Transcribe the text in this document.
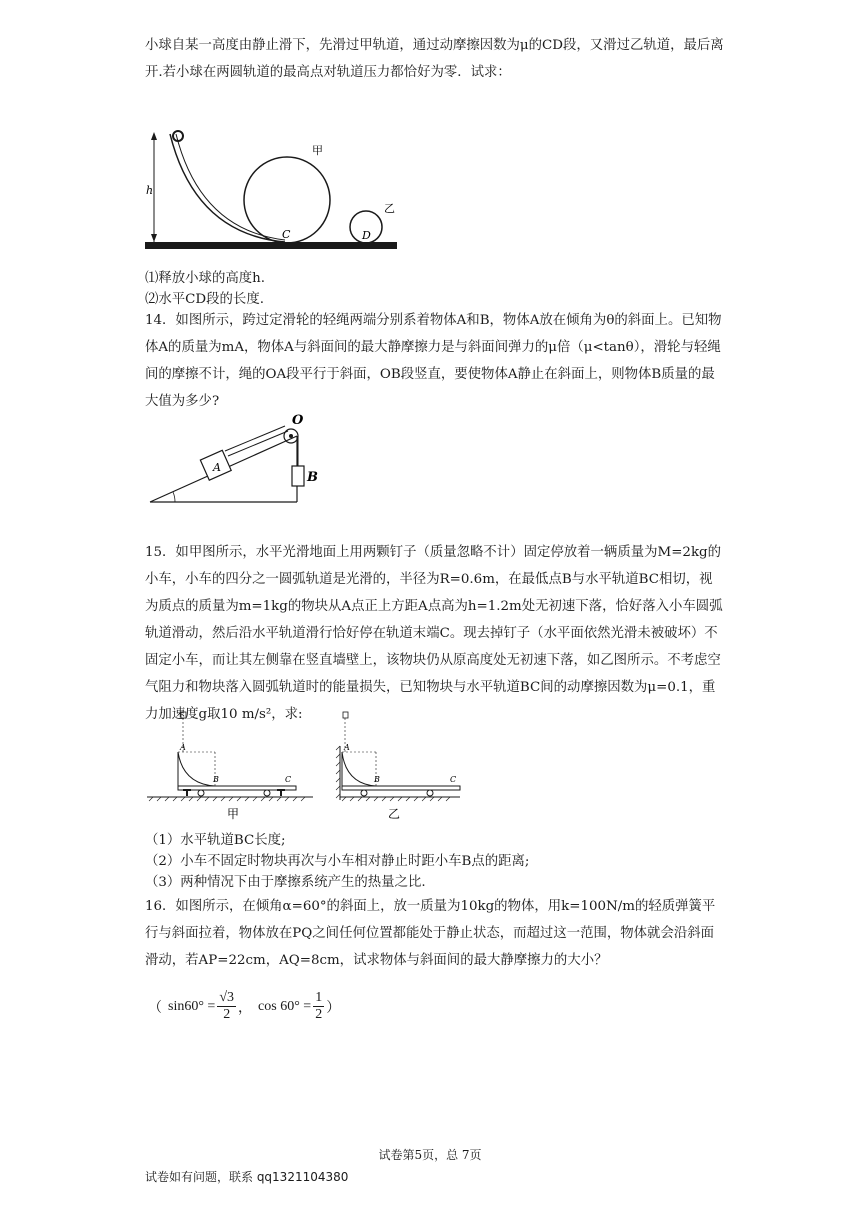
小球自某一高度由静止滑下，先滑过甲轨道，通过动摩擦因数为μ的CD段，又滑过乙轨道，最后离开.若小球在两圆轨道的最高点对轨道压力都恰好为零．试求：

h
甲
C
乙
D
⑴释放小球的高度h.
⑵水平CD段的长度.

14．如图所示，跨过定滑轮的轻绳两端分别系着物体A和B，物体A放在倾角为θ的斜面上。已知物体A的质量为mA，物体A与斜面间的最大静摩擦力是与斜面间弹力的μ倍（μ<tanθ），滑轮与轻绳间的摩擦不计，绳的OA段平行于斜面，OB段竖直，要使物体A静止在斜面上，则物体B质量的最大值为多少?

A
O
B

15．如甲图所示，水平光滑地面上用两颗钉子（质量忽略不计）固定停放着一辆质量为M=2kg的小车，小车的四分之一圆弧轨道是光滑的，半径为R=0.6m，在最低点B与水平轨道BC相切，视为质点的质量为m=1kg的物块从A点正上方距A点高为h=1.2m处无初速下落，恰好落入小车圆弧轨道滑动，然后沿水平轨道滑行恰好停在轨道末端C。现去掉钉子（水平面依然光滑未被破坏）不固定小车，而让其左侧靠在竖直墙壁上，该物块仍从原高度处无初速下落，如乙图所示。不考虑空气阻力和物块落入圆弧轨道时的能量损失，已知物块与水平轨道BC间的动摩擦因数为μ=0.1，重力加速度g取10 m/s²，求:

A
B	C
甲
A
B	C
乙
（1）水平轨道BC长度;
（2）小车不固定时物块再次与小车相对静止时距小车B点的距离;
（3）两种情况下由于摩擦系统产生的热量之比.

16．如图所示，在倾角α=60°的斜面上，放一质量为10kg的物体，用k=100N/m的轻质弹簧平行与斜面拉着，物体放在PQ之间任何位置都能处于静止状态，而超过这一范围，物体就会沿斜面滑动，若AP=22cm，AQ=8cm，试求物体与斜面间的最大静摩擦力的大小？

（ $\sin 60^\circ = \frac{√3}{2}$ ， $\cos 60^\circ = \frac{1}{2}$ ）
试卷第5页，总 7页
试卷如有问题，联系 qq1321104380
